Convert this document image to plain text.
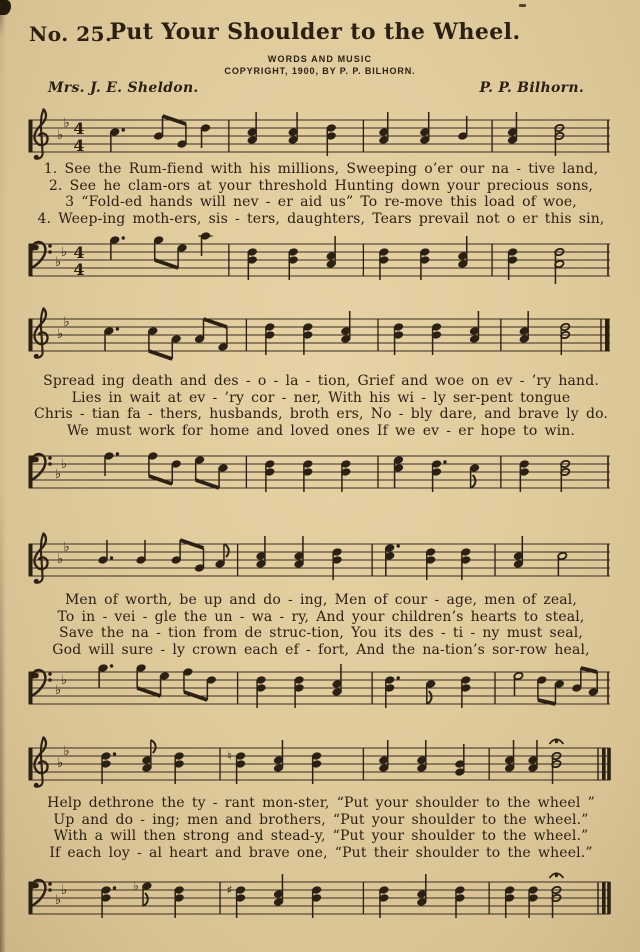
No. 25.
Put Your Shoulder to the Wheel.
WORDS AND MUSIC
COPYRIGHT, 1900, BY P. P. BILHORN.
Mrs. J. E. Sheldon.	P. P. Bilhorn.
♭
♭ 4
4
1. See the Rum-fiend with his millions, Sweeping o’er our na - tive land,
2. See he clam-ors at your threshold Hunting down your precious sons,
3 “Fold-ed hands will nev - er aid us” To re-move this load of woe,
4. Weep-ing moth-ers, sis - ters, daughters, Tears prevail not o er this sin,
♭
♭ 4
4
♭
♭
Spread ing death and des - o - la - tion, Grief and woe on ev - ’ry hand.
Lies in wait at ev - ’ry cor - ner, With his wi - ly ser-pent tongue
Chris - tian fa - thers, husbands, broth ers, No - bly dare, and brave ly do.
We must work for home and loved ones If we ev - er hope to win.
♭
♭
♭
♭
Men of worth, be up and do - ing, Men of cour - age, men of zeal,
To in - vei - gle the un - wa - ry, And your children’s hearts to steal,
Save the na - tion from de struc-tion, You its des - ti - ny must seal,
God will sure - ly crown each ef - fort, And the na-tion’s sor-row heal,
♭
♭
♭
♭	♮
Help dethrone the ty - rant mon-ster, “Put your shoulder to the wheel ”
Up and do - ing; men and brothers, “Put your shoulder to the wheel.”
With a will then strong and stead-y, “Put your shoulder to the wheel.”
If each loy - al heart and brave one, “Put their shoulder to the wheel.”
♭
♭	♭	♯
